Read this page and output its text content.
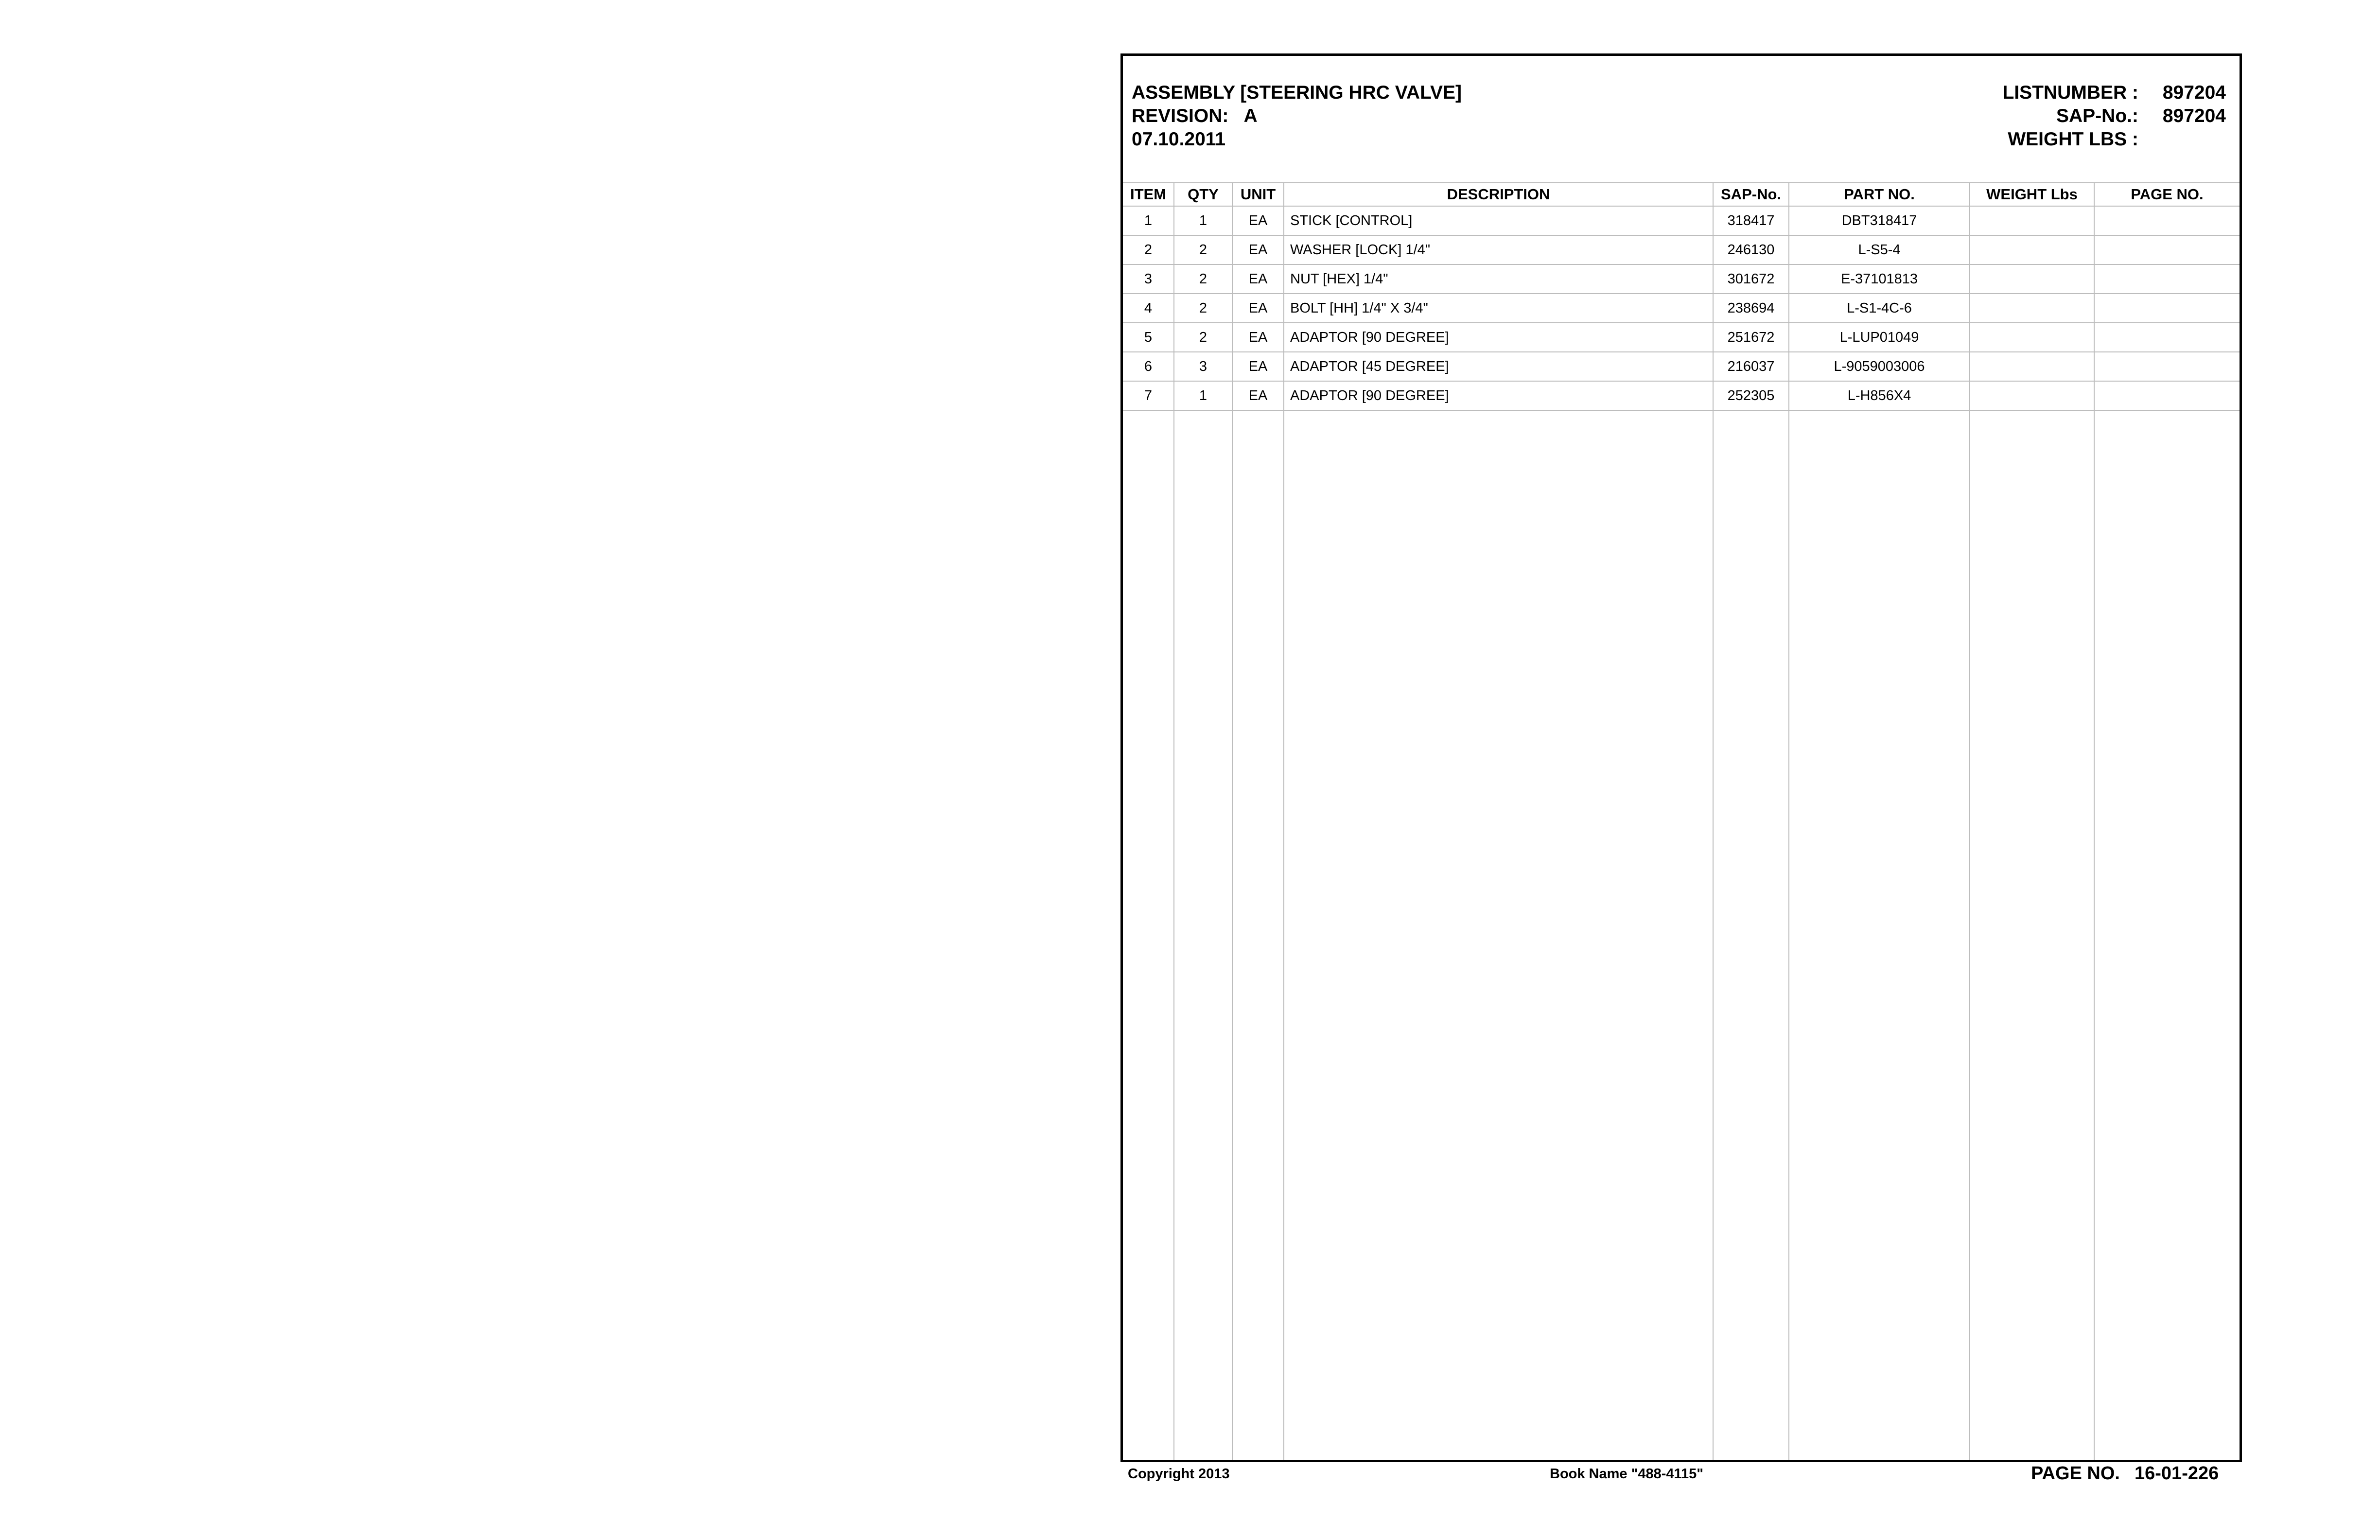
ASSEMBLY [STEERING HRC VALVE]
REVISION: A
07.10.2011
LISTNUMBER :	897204
SAP-No.:	897204
WEIGHT LBS :
ITEM	QTY	UNIT	DESCRIPTION	SAP-No.	PART NO.	WEIGHT Lbs	PAGE NO.
1	1	EA	STICK [CONTROL]	318417	DBT318417		
2	2	EA	WASHER [LOCK] 1/4"	246130	L-S5-4		
3	2	EA	NUT [HEX] 1/4"	301672	E-37101813		
4	2	EA	BOLT [HH] 1/4" X 3/4"	238694	L-S1-4C-6		
5	2	EA	ADAPTOR [90 DEGREE]	251672	L-LUP01049		
6	3	EA	ADAPTOR [45 DEGREE]	216037	L-9059003006		
7	1	EA	ADAPTOR [90 DEGREE]	252305	L-H856X4		

Copyright 2013	Book Name "488-4115"	PAGE NO. 16-01-226
